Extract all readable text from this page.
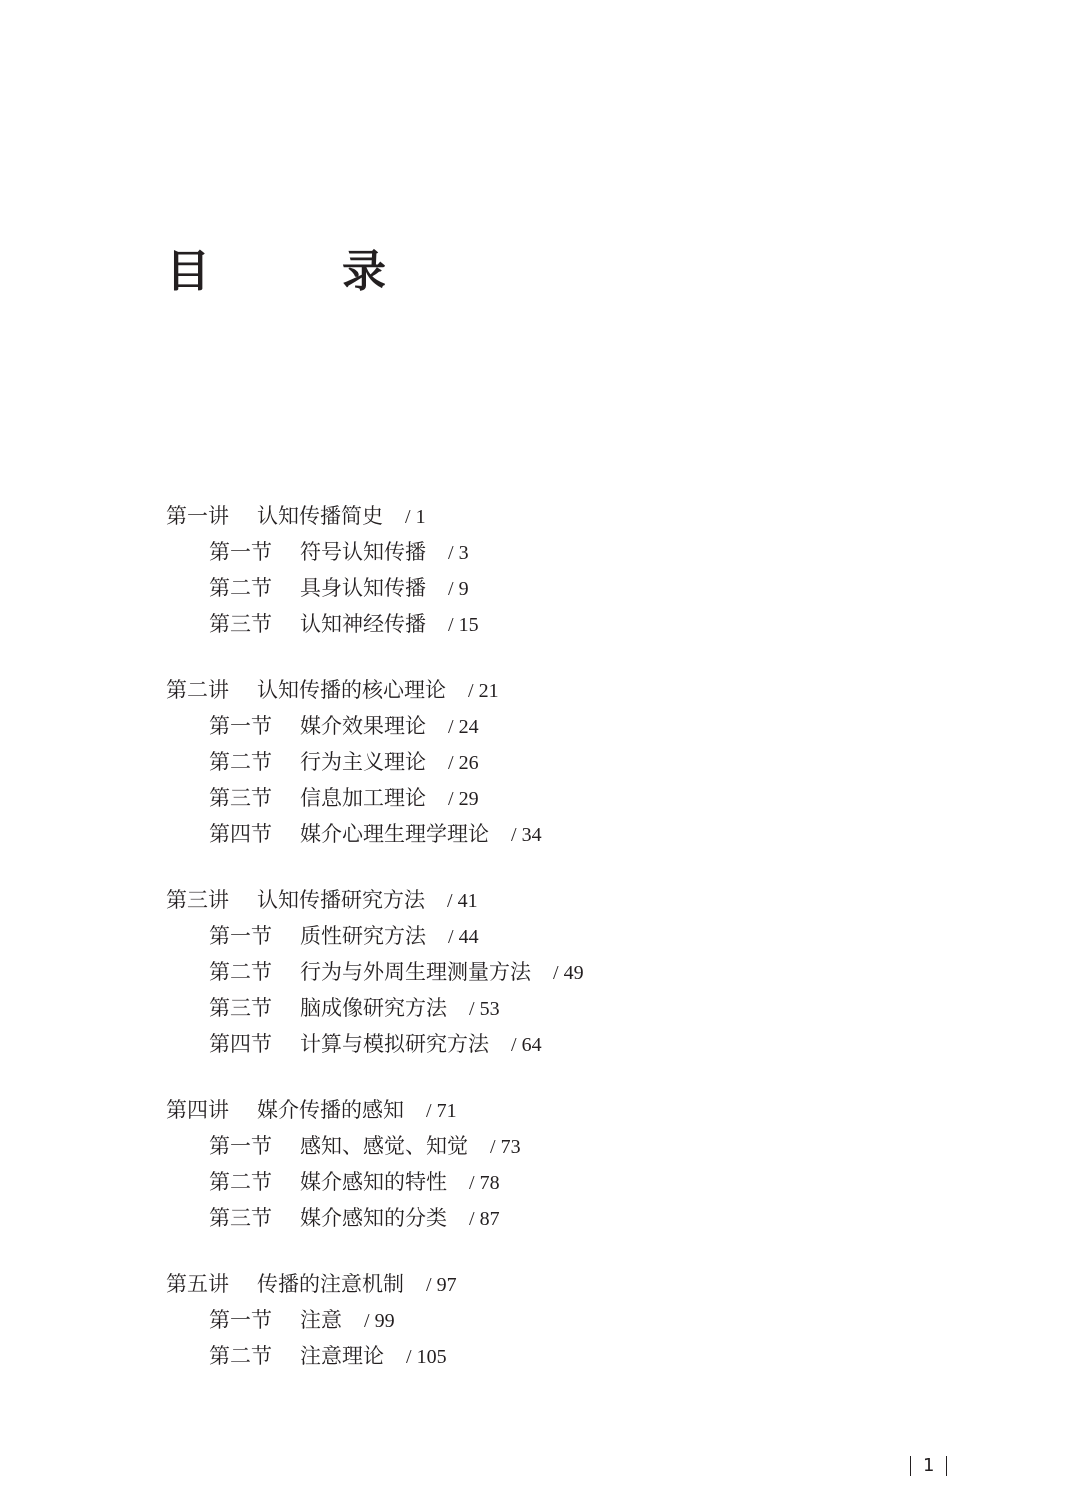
目　录
第一讲	认知传播简史	/ 1
第一节	符号认知传播	/ 3
第二节	具身认知传播	/ 9
第三节	认知神经传播	/ 15
第二讲	认知传播的核心理论	/ 21
第一节	媒介效果理论	/ 24
第二节	行为主义理论	/ 26
第三节	信息加工理论	/ 29
第四节	媒介心理生理学理论	/ 34
第三讲	认知传播研究方法	/ 41
第一节	质性研究方法	/ 44
第二节	行为与外周生理测量方法	/ 49
第三节	脑成像研究方法	/ 53
第四节	计算与模拟研究方法	/ 64
第四讲	媒介传播的感知	/ 71
第一节	感知、感觉、知觉	/ 73
第二节	媒介感知的特性	/ 78
第三节	媒介感知的分类	/ 87
第五讲	传播的注意机制	/ 97
第一节	注意	/ 99
第二节	注意理论	/ 105
1
